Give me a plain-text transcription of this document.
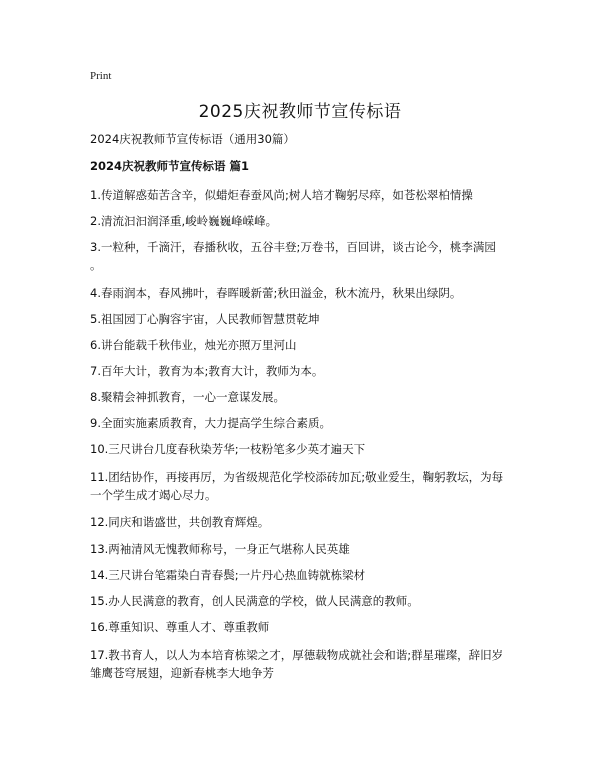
Print
2025庆祝教师节宣传标语

2024庆祝教师节宣传标语（通用30篇）

2024庆祝教师节宣传标语 篇1

1.传道解惑茹苦含辛，似蜡炬春蚕风尚;树人培才鞠躬尽瘁，如苍松翠柏情操

2.清流汩汩润泽重,峻岭巍巍峰嵘峰。

3.一粒种，千滴汗，春播秋收，五谷丰登;万卷书，百回讲，谈古论今，桃李满园
。

4.春雨润本，春风拂叶，春晖暖新蕾;秋田溢金，秋木流丹，秋果出绿阴。

5.祖国园丁心胸容宇宙，人民教师智慧贯乾坤

6.讲台能载千秋伟业，烛光亦照万里河山

7.百年大计，教育为本;教育大计，教师为本。

8.聚精会神抓教育，一心一意谋发展。

9.全面实施素质教育，大力提高学生综合素质。

10.三尺讲台几度春秋染芳华;一枝粉笔多少英才遍天下

11.团结协作，再接再厉，为省级规范化学校添砖加瓦;敬业爱生，鞠躬教坛，为每
一个学生成才竭心尽力。

12.同庆和谐盛世，共创教育辉煌。

13.两袖清风无愧教师称号，一身正气堪称人民英雄

14.三尺讲台笔霜染白青春鬓;一片丹心热血铸就栋梁材

15.办人民满意的教育，创人民满意的学校，做人民满意的教师。

16.尊重知识、尊重人才、尊重教师

17.教书育人，以人为本培育栋梁之才，厚德载物成就社会和谐;群星璀璨，辞旧岁
雏鹰苍穹展翅，迎新春桃李大地争芳
